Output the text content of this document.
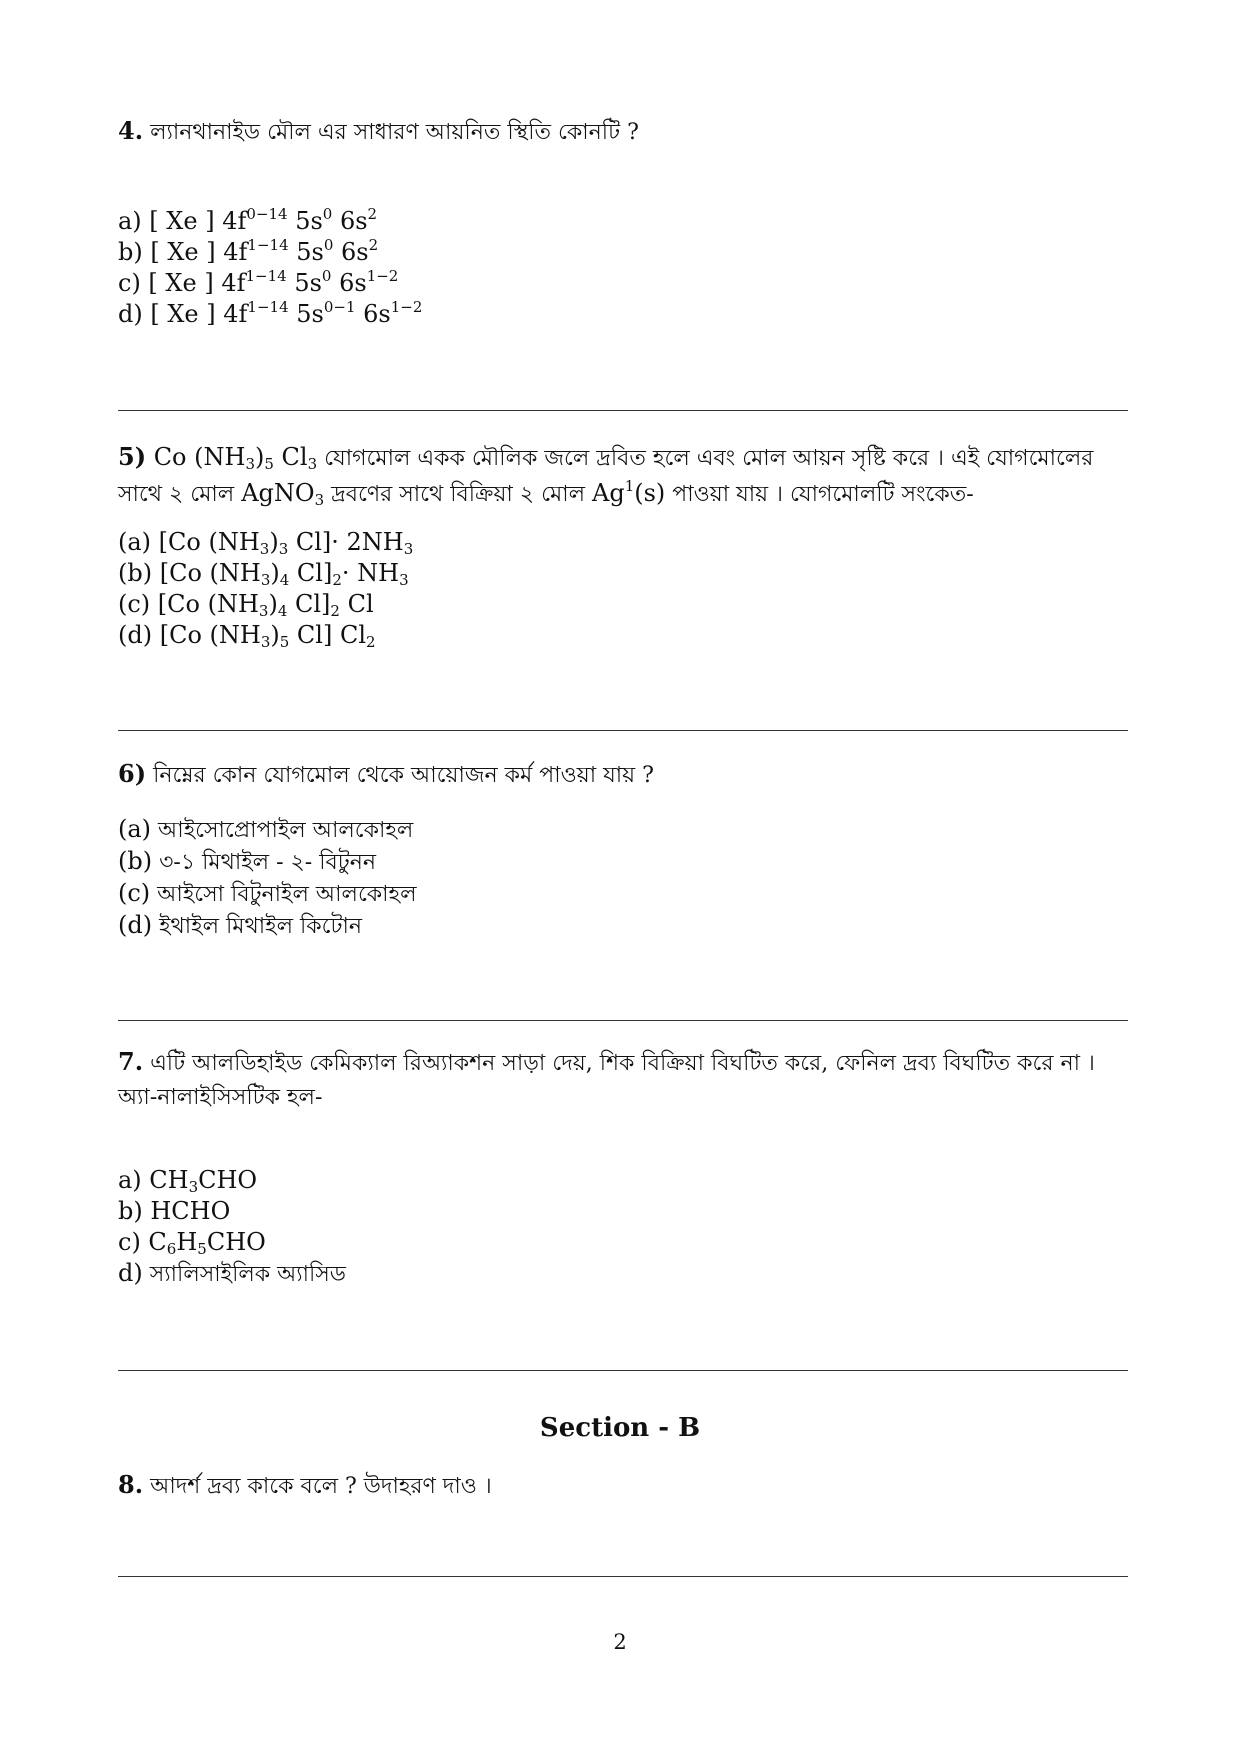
4. ল্যানথানাইড মৌল এর সাধারণ আয়নিত স্থিতি কোনটি ?

a) [ Xe ] $4f^{0-14}$ $5s^0$ $6s^2$
b) [ Xe ] $4f^{1-14}$ $5s^0$ $6s^2$
c) [ Xe ] $4f^{1-14}$ $5s^0$ $6s^{1-2}$
d) [ Xe ] $4f^{1-14}$ $5s^{0-1}$ $6s^{1-2}$

5) Co $(NH_3)_5$ $Cl_3$ যোগমোল একক মৌলিক জলে দ্রবিত হলে এবং মোল আয়ন সৃষ্টি করে । এই যোগমোলের সাথে ২ মোল AgNO$_3$ দ্রবণের সাথে বিক্রিয়া ২ মোল Ag$^1$(s) পাওয়া যায় । যোগমোলটি সংকেত-

(a) [Co $(NH_3)_3$ $Cl]\cdot 2NH_3$
(b) [Co $(NH_3)_4$ $Cl]_2\cdot NH_3$
(c) [Co $(NH_3)_4$ $Cl]_2$ Cl
(d) [Co $(NH_3)_5$ Cl] $Cl_2$

6) নিম্নের কোন যোগমোল থেকে আয়োজন কর্ম পাওয়া যায় ?

(a) আইসোপ্রোপাইল আলকোহল
(b) ৩-১ মিথাইল - ২- বিটুনন
(c) আইসো বিটুনাইল আলকোহল
(d) ইথাইল মিথাইল কিটোন

7. এটি আলডিহাইড কেমিক্যাল রিঅ্যাকশন সাড়া দেয়, শিক বিক্রিয়া বিঘটিত করে, ফেনিল দ্রব্য বিঘটিত করে না । অ্যা-নালাইসিসটিক হল-

a) $CH_3CHO$
b) HCHO
c) $C_6H_5CHO$
d) স্যালিসাইলিক অ্যাসিড
Section - B

8. আদর্শ দ্রব্য কাকে বলে ? উদাহরণ দাও ।

2
